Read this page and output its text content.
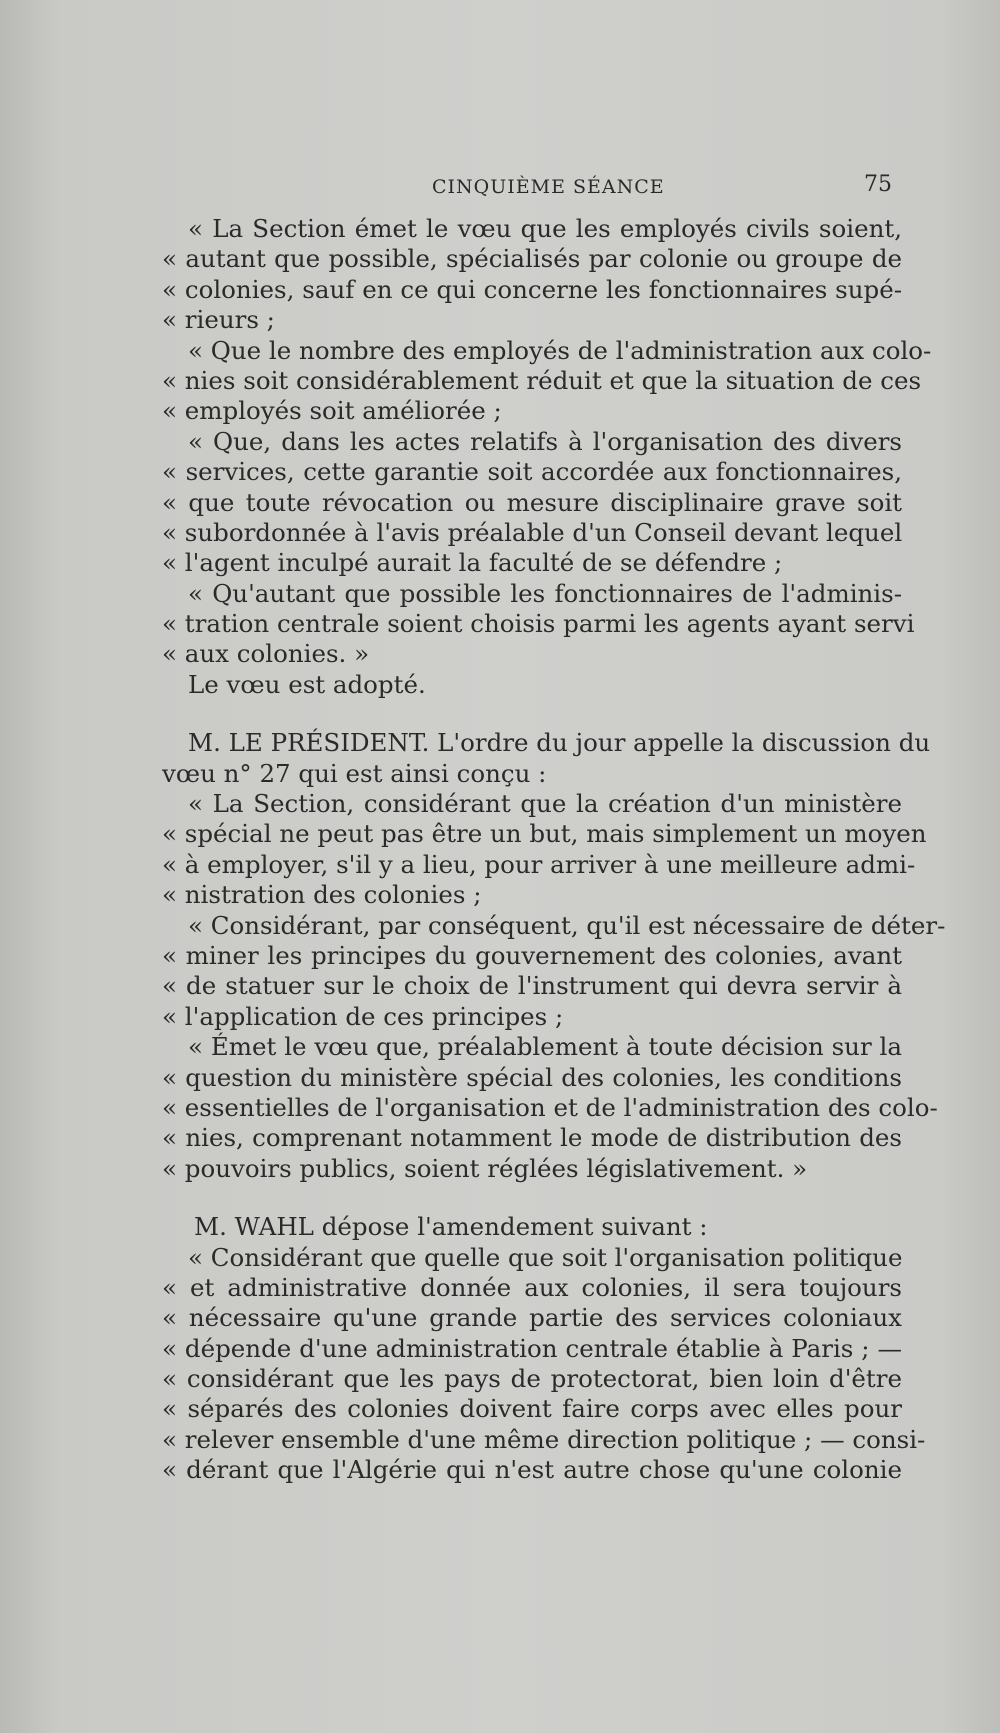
CINQUIÈME SÉANCE	75
« La Section émet le vœu que les employés civils soient,
« autant que possible, spécialisés par colonie ou groupe de
« colonies, sauf en ce qui concerne les fonctionnaires supé-
« rieurs ;
« Que le nombre des employés de l'administration aux colo-
« nies soit considérablement réduit et que la situation de ces
« employés soit améliorée ;
« Que, dans les actes relatifs à l'organisation des divers
« services, cette garantie soit accordée aux fonctionnaires,
« que toute révocation ou mesure disciplinaire grave soit
« subordonnée à l'avis préalable d'un Conseil devant lequel
« l'agent inculpé aurait la faculté de se défendre ;
« Qu'autant que possible les fonctionnaires de l'adminis-
« tration centrale soient choisis parmi les agents ayant servi
« aux colonies. »
Le vœu est adopté.
M. LE PRÉSIDENT. L'ordre du jour appelle la discussion du
vœu n° 27 qui est ainsi conçu :
« La Section, considérant que la création d'un ministère
« spécial ne peut pas être un but, mais simplement un moyen
« à employer, s'il y a lieu, pour arriver à une meilleure admi-
« nistration des colonies ;
« Considérant, par conséquent, qu'il est nécessaire de déter-
« miner les principes du gouvernement des colonies, avant
« de statuer sur le choix de l'instrument qui devra servir à
« l'application de ces principes ;
« Émet le vœu que, préalablement à toute décision sur la
« question du ministère spécial des colonies, les conditions
« essentielles de l'organisation et de l'administration des colo-
« nies, comprenant notamment le mode de distribution des
« pouvoirs publics, soient réglées législativement. »
M. WAHL dépose l'amendement suivant :
« Considérant que quelle que soit l'organisation politique
« et administrative donnée aux colonies, il sera toujours
« nécessaire qu'une grande partie des services coloniaux
« dépende d'une administration centrale établie à Paris ; —
« considérant que les pays de protectorat, bien loin d'être
« séparés des colonies doivent faire corps avec elles pour
« relever ensemble d'une même direction politique ; — consi-
« dérant que l'Algérie qui n'est autre chose qu'une colonie
